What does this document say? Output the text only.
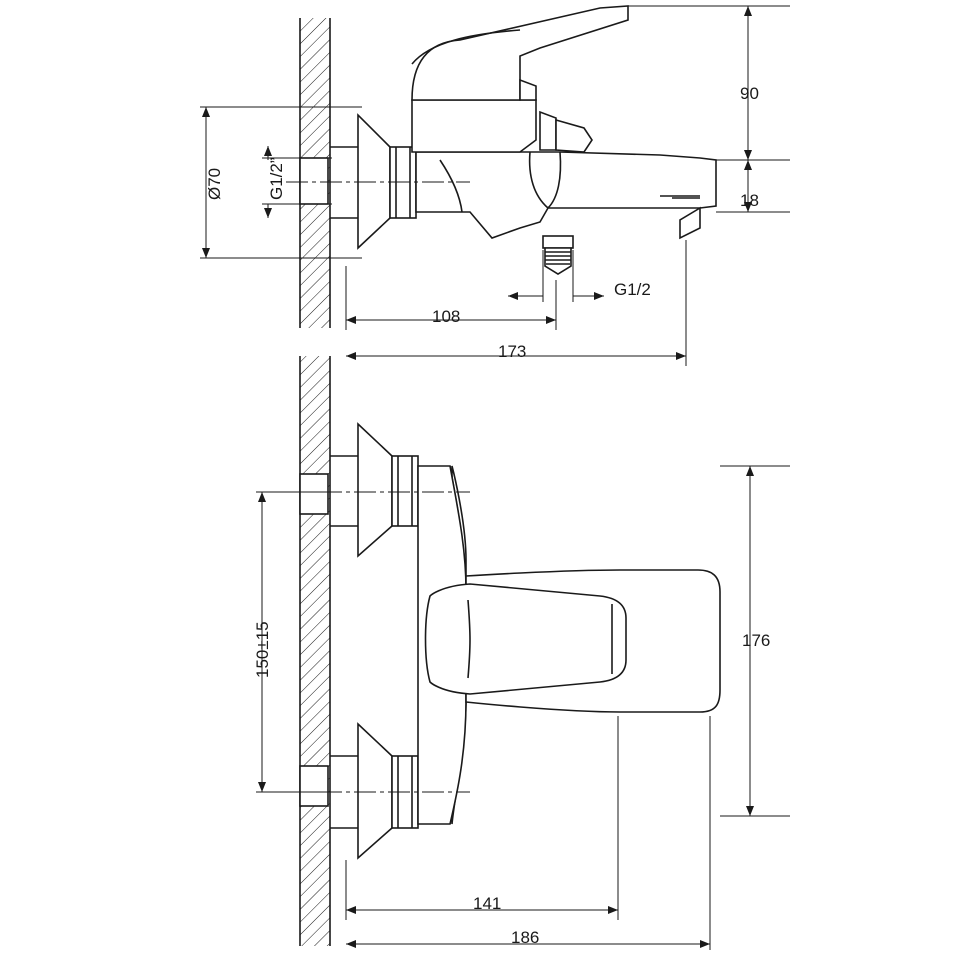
Ø70	G1/2”
90
18
G1/2
108
173
150±15	176
141
186
